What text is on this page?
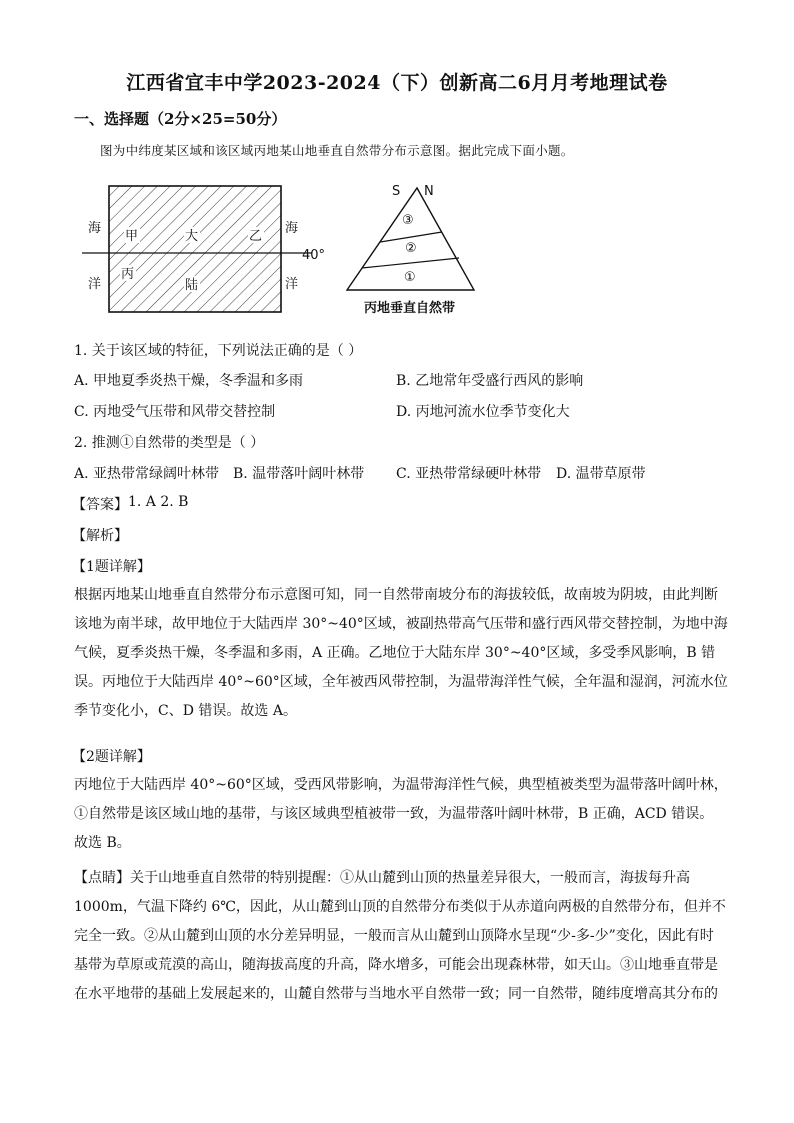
江西省宜丰中学2023-2024（下）创新高二6月月考地理试卷
一、选择题（2分×25=50分）
图为中纬度某区域和该区域丙地某山地垂直自然带分布示意图。据此完成下面小题。
海
洋
海
洋
甲	大	乙
丙
陆
40°
S N
③
②
①
丙地垂直自然带
1. 关于该区域的特征，下列说法正确的是（ ）
A. 甲地夏季炎热干燥，冬季温和多雨	B. 乙地常年受盛行西风的影响
C. 丙地受气压带和风带交替控制	D. 丙地河流水位季节变化大
2. 推测①自然带的类型是（ ）
A. 亚热带常绿阔叶林带 B. 温带落叶阔叶林带 C. 亚热带常绿硬叶林带 D. 温带草原带
【答案】 1. A 2. B
【解析】
【1题详解】
根据丙地某山地垂直自然带分布示意图可知，同一自然带南坡分布的海拔较低，故南坡为阴坡，由此判断
该地为南半球，故甲地位于大陆西岸 30°~40°区域，被副热带高气压带和盛行西风带交替控制，为地中海
气候，夏季炎热干燥，冬季温和多雨，A 正确。乙地位于大陆东岸 30°~40°区域，多受季风影响，B 错
误。丙地位于大陆西岸 40°~60°区域，全年被西风带控制，为温带海洋性气候，全年温和湿润，河流水位
季节变化小，C、D 错误。故选 A。
【2题详解】
丙地位于大陆西岸 40°~60°区域，受西风带影响，为温带海洋性气候，典型植被类型为温带落叶阔叶林，
①自然带是该区域山地的基带，与该区域典型植被带一致，为温带落叶阔叶林带，B 正确，ACD 错误。
故选 B。
【点睛】关于山地垂直自然带的特别提醒：①从山麓到山顶的热量差异很大，一般而言，海拔每升高
1000m，气温下降约 6℃，因此，从山麓到山顶的自然带分布类似于从赤道向两极的自然带分布，但并不
完全一致。②从山麓到山顶的水分差异明显，一般而言从山麓到山顶降水呈现“少-多-少”变化，因此有时
基带为草原或荒漠的高山，随海拔高度的升高，降水增多，可能会出现森林带，如天山。③山地垂直带是
在水平地带的基础上发展起来的，山麓自然带与当地水平自然带一致；同一自然带，随纬度增高其分布的
